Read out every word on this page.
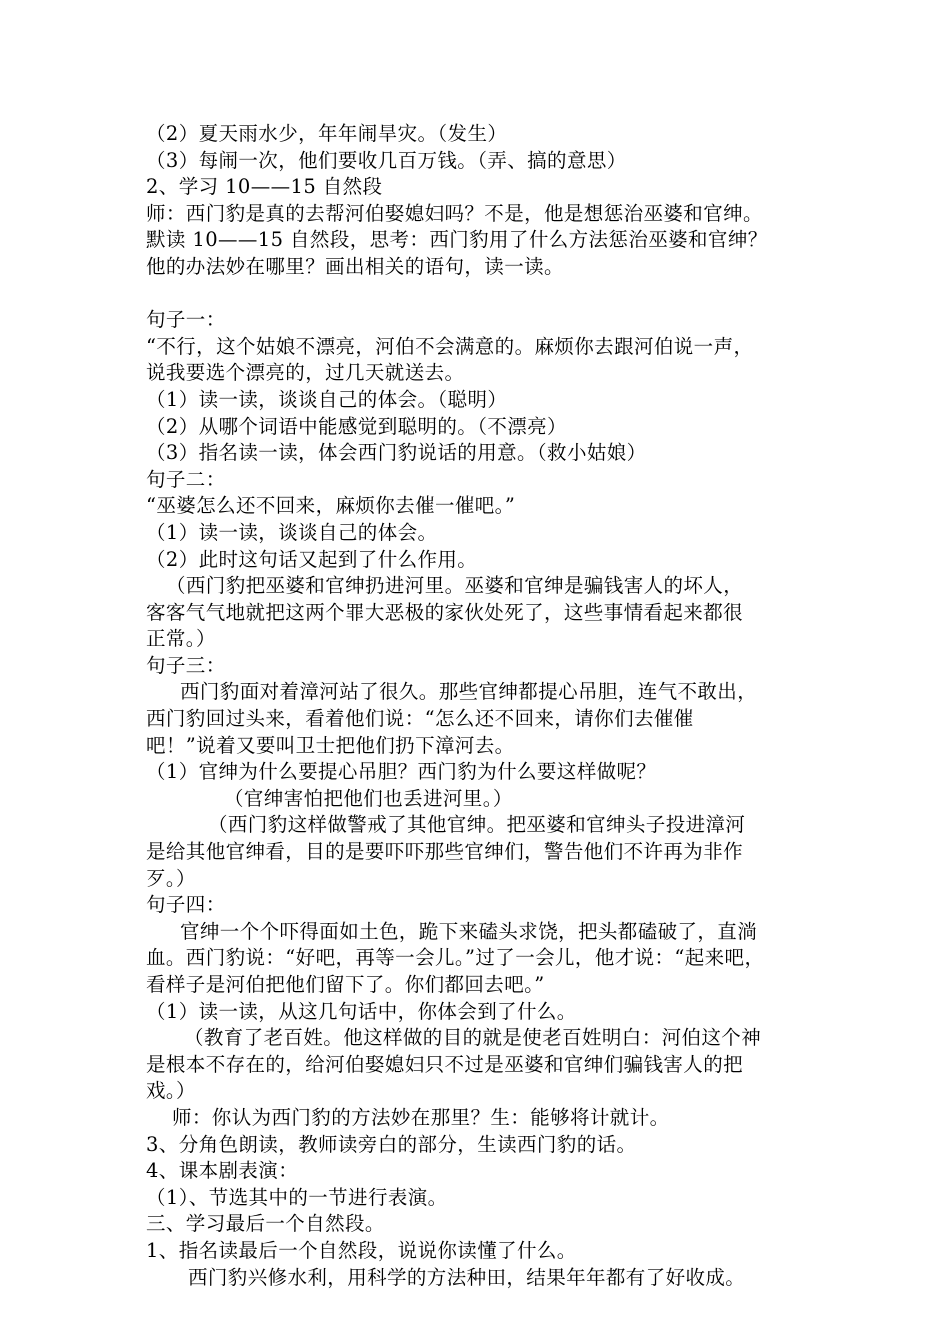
（2）夏天雨水少，年年闹旱灾。（发生）
（3）每闹一次，他们要收几百万钱。（弄、搞的意思）
2、学习 10——15 自然段
师：西门豹是真的去帮河伯娶媳妇吗？不是，他是想惩治巫婆和官绅。
默读 10——15 自然段，思考：西门豹用了什么方法惩治巫婆和官绅？
他的办法妙在哪里？画出相关的语句，读一读。
句子一：
“不行，这个姑娘不漂亮，河伯不会满意的。麻烦你去跟河伯说一声，
说我要选个漂亮的，过几天就送去。
（1）读一读，谈谈自己的体会。（聪明）
（2）从哪个词语中能感觉到聪明的。（不漂亮）
（3）指名读一读，体会西门豹说话的用意。（救小姑娘）
句子二：
“巫婆怎么还不回来，麻烦你去催一催吧。”
（1）读一读，谈谈自己的体会。
（2）此时这句话又起到了什么作用。
（西门豹把巫婆和官绅扔进河里。巫婆和官绅是骗钱害人的坏人，
客客气气地就把这两个罪大恶极的家伙处死了，这些事情看起来都很
正常。）
句子三：
西门豹面对着漳河站了很久。那些官绅都提心吊胆，连气不敢出，
西门豹回过头来，看着他们说：“怎么还不回来，请你们去催催
吧！”说着又要叫卫士把他们扔下漳河去。
（1）官绅为什么要提心吊胆？西门豹为什么要这样做呢？
（官绅害怕把他们也丢进河里。）
（西门豹这样做警戒了其他官绅。把巫婆和官绅头子投进漳河
是给其他官绅看，目的是要吓吓那些官绅们，警告他们不许再为非作
歹。）
句子四：
官绅一个个吓得面如土色，跪下来磕头求饶，把头都磕破了，直淌
血。西门豹说：“好吧，再等一会儿。”过了一会儿，他才说：“起来吧，
看样子是河伯把他们留下了。你们都回去吧。”
（1）读一读，从这几句话中，你体会到了什么。
（教育了老百姓。他这样做的目的就是使老百姓明白：河伯这个神
是根本不存在的，给河伯娶媳妇只不过是巫婆和官绅们骗钱害人的把
戏。）
师：你认为西门豹的方法妙在那里？生：能够将计就计。
3、分角色朗读，教师读旁白的部分，生读西门豹的话。
4、课本剧表演：
（1）、节选其中的一节进行表演。
三、学习最后一个自然段。
1、指名读最后一个自然段，说说你读懂了什么。
西门豹兴修水利，用科学的方法种田，结果年年都有了好收成。
